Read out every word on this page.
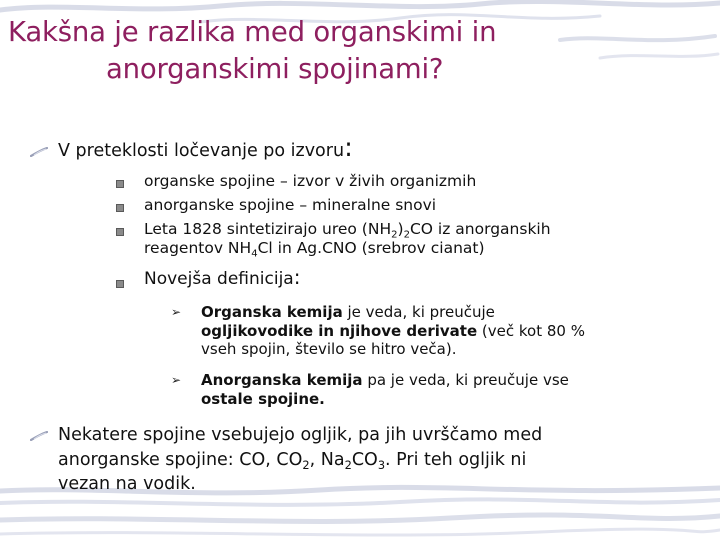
Kakšna je razlika med organskimi in
anorganskimi spojinami?
V preteklosti ločevanje po izvoru:
organske spojine – izvor v živih organizmih
anorganske spojine – mineralne snovi
Leta 1828 sintetizirajo ureo $(NH_2)_2CO$ iz anorganskih
reagentov $NH_4Cl$ in Ag.CNO (srebrov cianat)
Novejša definicija:
➢ Organska kemija je veda, ki preučuje
ogljikovodike in njihove derivate (več kot 80 %
vseh spojin, število se hitro veča).
➢ Anorganska kemija pa je veda, ki preučuje vse
ostale spojine.
Nekatere spojine vsebujejo ogljik, pa jih uvrščamo med
anorganske spojine: CO, $CO_2$, $Na_2CO_3$. Pri teh ogljik ni
vezan na vodik.
